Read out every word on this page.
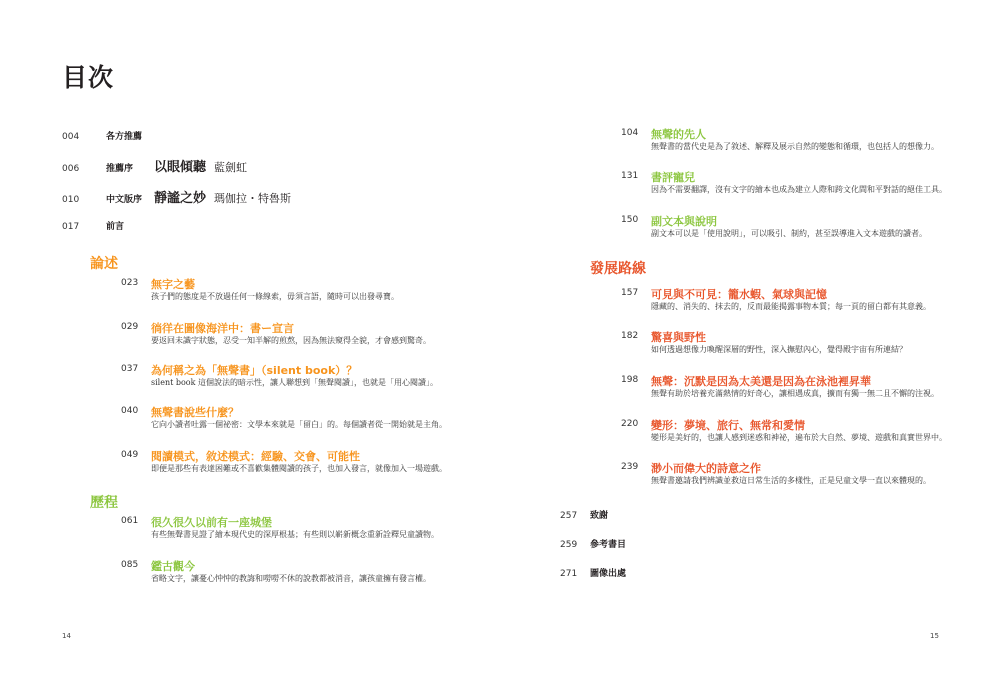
目次
004	各方推薦
006	推薦序	以眼傾聽 藍劍虹
010	中文版序 靜謐之妙 瑪伽拉・特魯斯
017	前言
論述
023 無字之藝
孩子們的態度是不放過任何一條線索，毋須言語，隨時可以出發尋寶。
029 徜徉在圖像海洋中：書ー宣言
要返回未識字狀態，忍受一知半解的煎熬，因為無法窺得全貌，才會感到驚奇。
037 為何稱之為「無聲書」（silent book）？
silent book 這個說法的暗示性，讓人聯想到「無聲閱讀」，也就是「用心閱讀」。
040 無聲書說些什麼？
它向小讀者吐露一個祕密：文學本來就是「留白」的。每個讀者從一開始就是主角。
049 閱讀模式，敘述模式：經驗、交會、可能性
即便是那些有表達困難或不喜歡集體閱讀的孩子，也加入發言，就像加入一場遊戲。
歷程
061 很久很久以前有一座城堡
有些無聲書見證了繪本現代史的深厚根基；有些則以嶄新概念重新詮釋兒童讀物。
085 鑑古觀今
省略文字，讓憂心忡忡的教誨和嘮嘮不休的說教都被消音，讓孩童擁有發言權。
104 無聲的先人
無聲書的當代史是為了敘述、解釋及展示自然的變態和循環，也包括人的想像力。
131 書評寵兒
因為不需要翻譯，沒有文字的繪本也成為建立人際和跨文化間和平對話的絕佳工具。
150 副文本與說明
副文本可以是「使用說明」，可以吸引、制約，甚至誤導進入文本遊戲的讀者。
發展路線
157 可見與不可見：籠水蝦、氣球與記憶
隱藏的、消失的、抹去的，反而最能揭露事物本質；每一頁的留白都有其意義。
182 驚喜與野性
如何透過想像力喚醒深層的野性，深入撫慰內心，覺得殿宇宙有所連結？
198 無聲：沉默是因為太美還是因為在泳池裡昇華
無聲有助於培養充滿熱情的好奇心，讓相遇成真，擴而有獨一無二且不懈的注視。
220 變形：夢境、旅行、無常和愛情
變形是美好的，也讓人感到迷惑和神祕，遍布於大自然、夢境、遊戲和真實世界中。
239 渺小而偉大的詩意之作
無聲書邀請我們辨識並救這日常生活的多樣性，正是兒童文學一直以來體現的。
257	致謝
259	參考書目
271	圖像出處
14	15
